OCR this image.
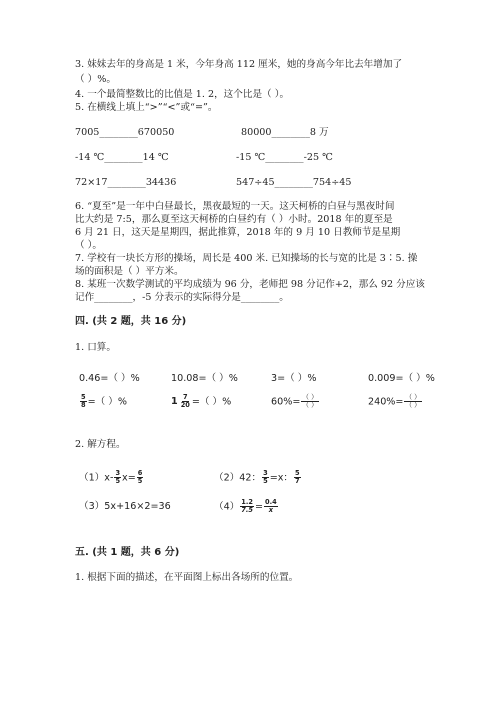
3. 妹妹去年的身高是 1 米，今年身高 112 厘米，她的身高今年比去年增加了
（ ）%。
4. 一个最简整数比的比值是 1. 2，这个比是（ ）。
5. 在横线上填上“>”“<”或“=”。
7005________670050	80000________8 万
-14 ℃________14 ℃	-15 ℃________-25 ℃
72×17________34436	547÷45________754÷45
6. “夏至”是一年中白昼最长，黑夜最短的一天。这天柯桥的白昼与黑夜时间
比大约是 7:5，那么夏至这天柯桥的白昼约有（ ）小时。2018 年的夏至是
6 月 21 日，这天是星期四，据此推算，2018 年的 9 月 10 日教师节是星期
（ ）。
7. 学校有一块长方形的操场，周长是 400 米. 已知操场的长与宽的比是 3∶5. 操
场的面积是（ ）平方米。
8. 某班一次数学测试的平均成绩为 96 分，老师把 98 分记作+2，那么 92 分应该
记作________，-5 分表示的实际得分是________。
四. (共 2 题，共 16 分)
1. 口算。
0.46=（ ）%	10.08=（ ）%	3=（ ）%	0.009=（ ）%
$\frac{5}{8}$ =（ ）%	$1 \frac{7}{20}$ =（ ）%	$60\%= \frac{( )}{( )}$	$240\%= \frac{( )}{( )}$
2. 解方程。
$(1)x- \frac{3}{5} x= \frac{6}{5}$	（2）42： $\frac{3}{5} =x$： $\frac{5}{7}$
（3）5x+16×2=36	$(4) \frac{1.2}{7.5} = \frac{0.4}{x}$
五. (共 1 题，共 6 分)
1. 根据下面的描述，在平面图上标出各场所的位置。
